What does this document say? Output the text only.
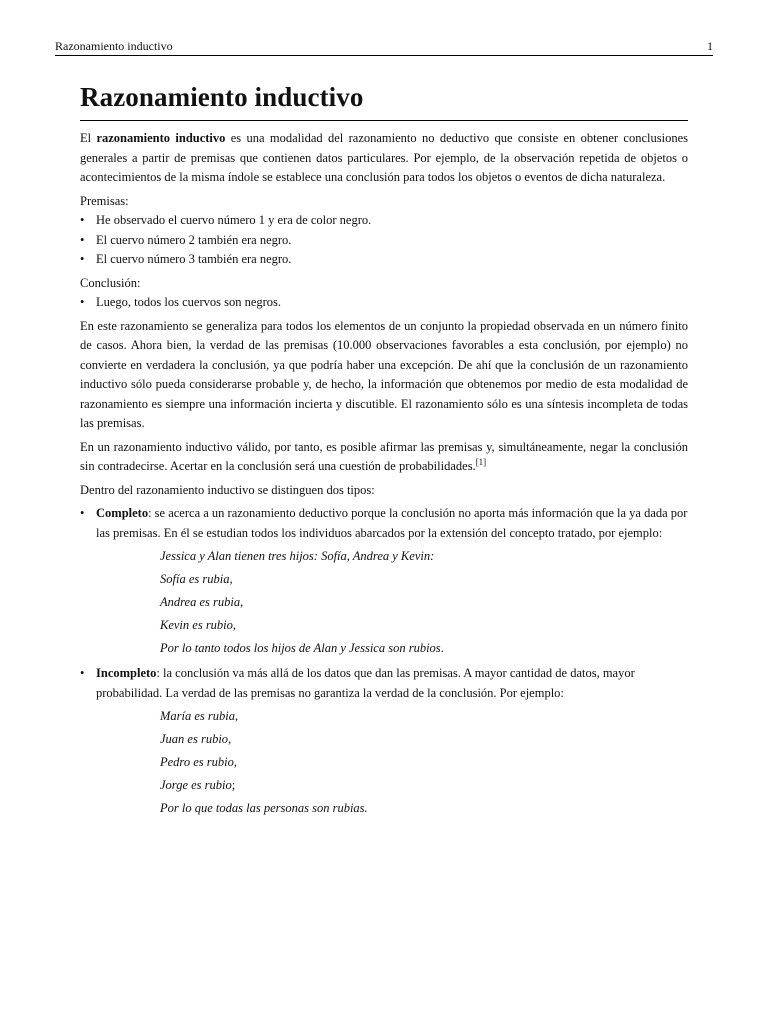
Razonamiento inductivo	1
Razonamiento inductivo

El razonamiento inductivo es una modalidad del razonamiento no deductivo que consiste en obtener conclusiones generales a partir de premisas que contienen datos particulares. Por ejemplo, de la observación repetida de objetos o acontecimientos de la misma índole se establece una conclusión para todos los objetos o eventos de dicha naturaleza.

Premisas:

• He observado el cuervo número 1 y era de color negro.
• El cuervo número 2 también era negro.
• El cuervo número 3 también era negro.

Conclusión:

• Luego, todos los cuervos son negros.

En este razonamiento se generaliza para todos los elementos de un conjunto la propiedad observada en un número finito de casos. Ahora bien, la verdad de las premisas (10.000 observaciones favorables a esta conclusión, por ejemplo) no convierte en verdadera la conclusión, ya que podría haber una excepción. De ahí que la conclusión de un razonamiento inductivo sólo pueda considerarse probable y, de hecho, la información que obtenemos por medio de esta modalidad de razonamiento es siempre una información incierta y discutible. El razonamiento sólo es una síntesis incompleta de todas las premisas.

En un razonamiento inductivo válido, por tanto, es posible afirmar las premisas y, simultáneamente, negar la conclusión sin contradecirse. Acertar en la conclusión será una cuestión de probabilidades.[1]

Dentro del razonamiento inductivo se distinguen dos tipos:

• Completo: se acerca a un razonamiento deductivo porque la conclusión no aporta más información que la ya dada por las premisas. En él se estudian todos los individuos abarcados por la extensión del concepto tratado, por ejemplo:
Jessica y Alan tienen tres hijos: Sofía, Andrea y Kevin:
Sofía es rubia,
Andrea es rubia,
Kevin es rubio,
Por lo tanto todos los hijos de Alan y Jessica son rubios.
• Incompleto: la conclusión va más allá de los datos que dan las premisas. A mayor cantidad de datos, mayor probabilidad. La verdad de las premisas no garantiza la verdad de la conclusión. Por ejemplo:
María es rubia,
Juan es rubio,
Pedro es rubio,
Jorge es rubio;
Por lo que todas las personas son rubias.
